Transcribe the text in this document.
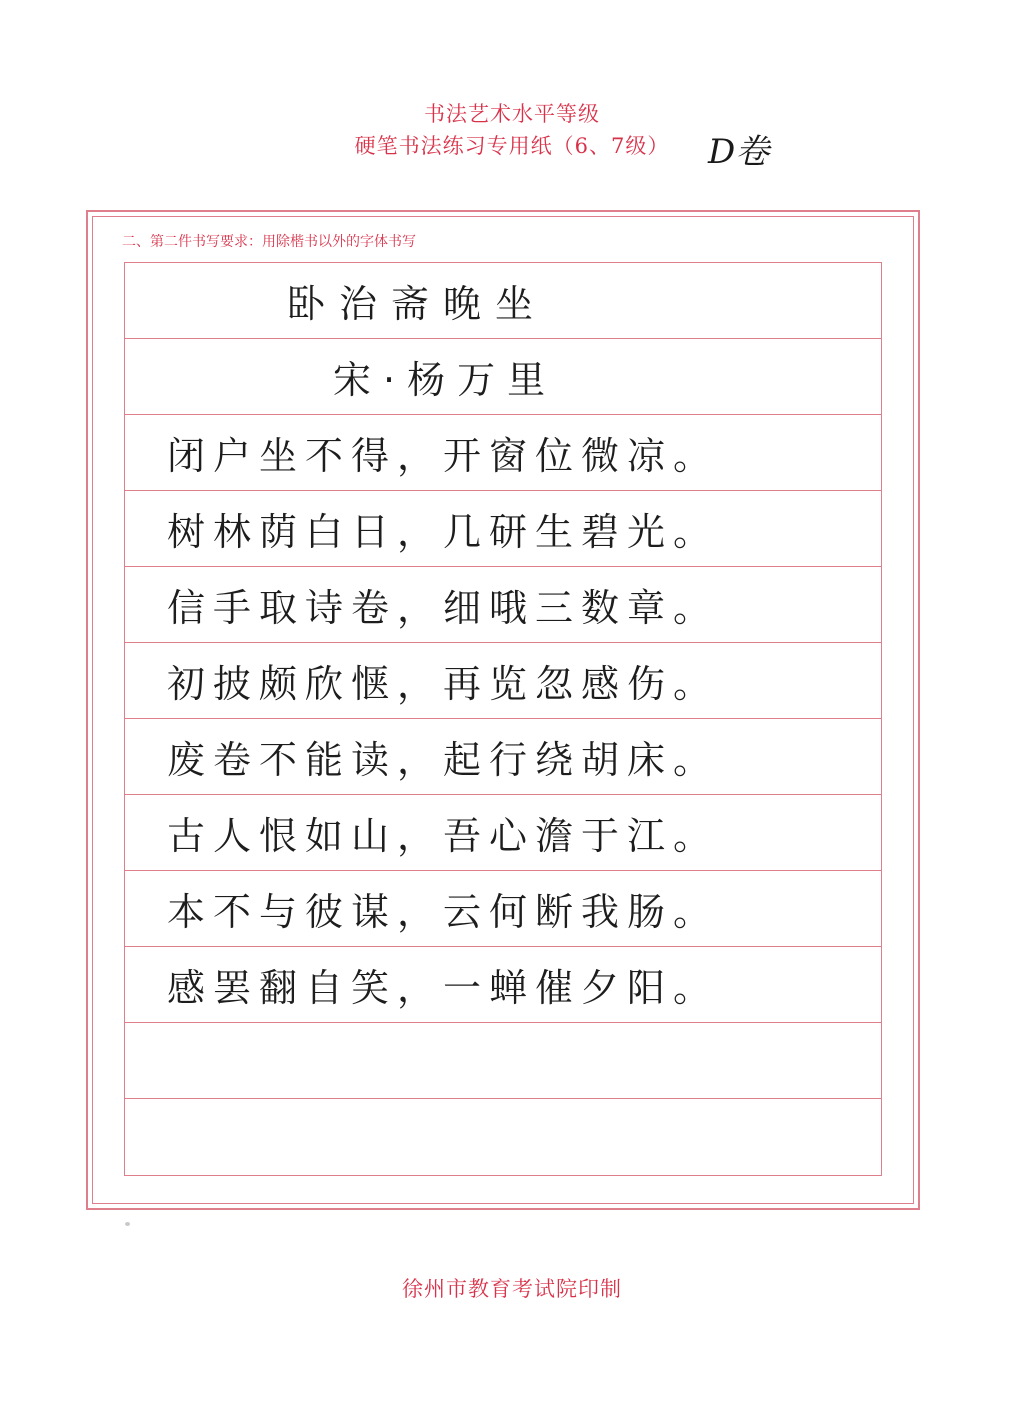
书法艺术水平等级
硬笔书法练习专用纸（6、7级）	D卷
二、第二件书写要求：用除楷书以外的字体书写
卧治斋晚坐
宋·杨万里
闭户坐不得，开窗位微凉。
树林荫白日，几研生碧光。
信手取诗卷，细哦三数章。
初披颇欣惬，再览忽感伤。
废卷不能读，起行绕胡床。
古人恨如山，吾心澹于江。
本不与彼谋，云何断我肠。
感罢翻自笑，一蝉催夕阳。
徐州市教育考试院印制
